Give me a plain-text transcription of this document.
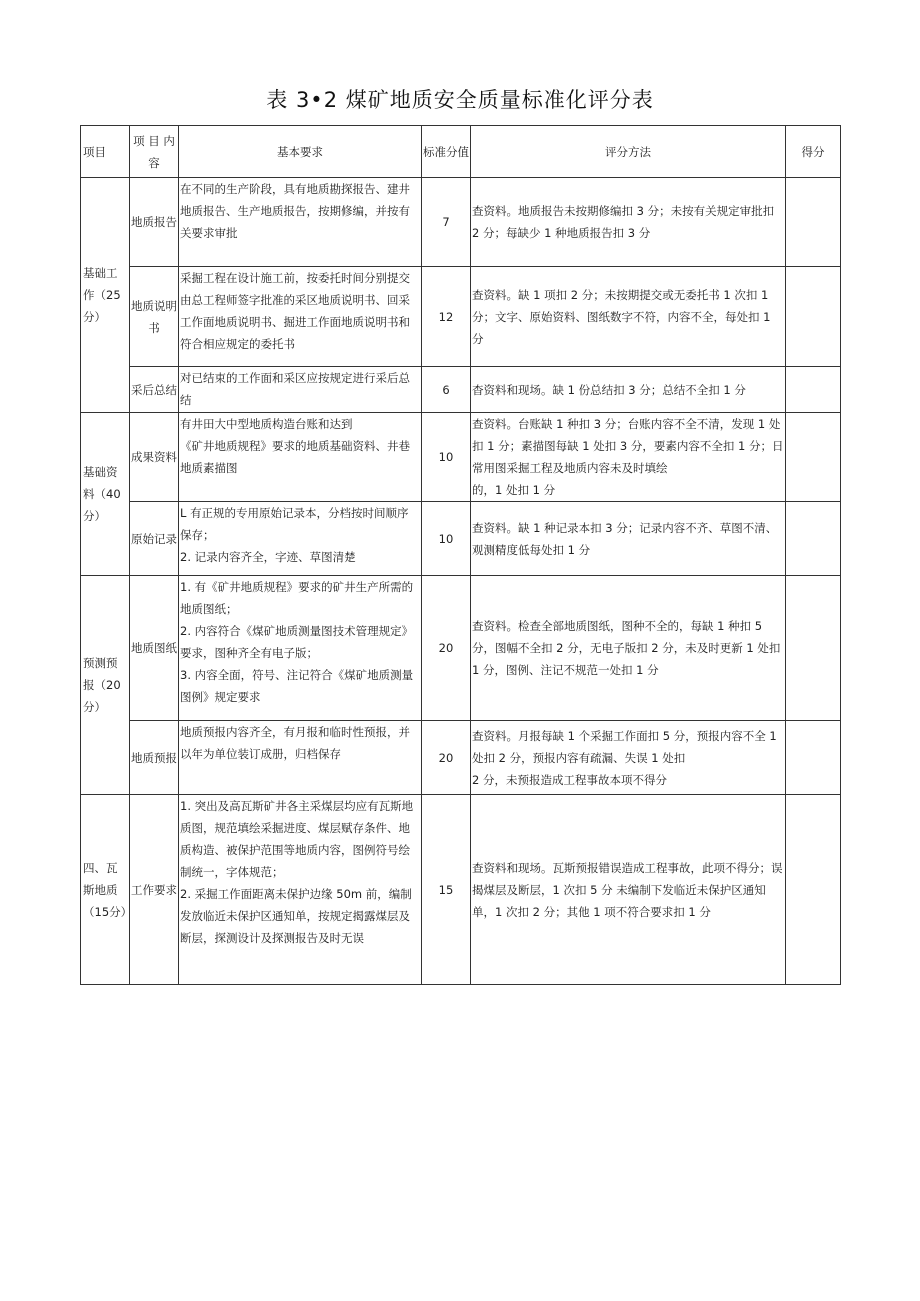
表 3•2 煤矿地质安全质量标准化评分表
项目	项 目 内容	基本要求	标准分值	评分方法	得分
基础工作（25分）	地质报告	在不同的生产阶段，具有地质勘探报告、建井地质报告、生产地质报告，按期修编，并按有关要求审批	7	查资料。地质报告未按期修编扣 3 分；未按有关规定审批扣 2 分；每缺少 1 种地质报告扣 3 分	

	地质说明书	采掘工程在设计施工前，按委托时间分别提交由总工程师签字批准的采区地质说明书、回采工作面地质说明书、掘进工作面地质说明书和符合相应规定的委托书	12	查资料。缺 1 项扣 2 分；未按期提交或无委托书 1 次扣 1 分；文字、原始资料、图纸数字不符，内容不全，每处扣 1 分	

	采后总结	对已结束的工作面和采区应按规定进行采后总结	6	杳资料和现场。缺 1 份总结扣 3 分；总结不全扣 1 分	

基础资料（40分）	成果资料	有井田大中型地质构造台账和达到
《矿井地质规程》要求的地质基础资料、井巷地质素描图	10	查资料。台账缺 1 种扣 3 分；台账内容不全不清，发现 1 处扣 1 分；素描图每缺 1 处扣 3 分，要素内容不全扣 1 分；日常用图采掘工程及地质内容未及时填绘
的，1 处扣 1 分	

	原始记录	L 有正规的专用原始记录本，分档按时间顺序保存；
2. 记录内容齐全，字迹、草图清楚	10	查资料。缺 1 种记录本扣 3 分；记录内容不齐、草图不清、观测精度低每处扣 1 分	

预测预报（20分）	地质图纸	1. 有《矿井地质规程》要求的矿井生产所需的地质图纸；
2. 内容符合《煤矿地质测量图技术管理规定》要求，图种齐全有电子版；
3. 内容全面，符号、注记符合《煤矿地质测量图例》规定要求	20	查资料。检查全部地质图纸，图种不全的，每缺 1 种扣 5 分，图幅不全扣 2 分，无电子版扣 2 分，未及时更新 1 处扣 1 分，图例、注记不规范一处扣 1 分	

	地质预报	地质预报内容齐全，有月报和临时性预报，并以年为单位装订成册，归档保存	20	查资料。月报每缺 1 个采掘工作面扣 5 分，预报内容不全 1 处扣 2 分，预报内容有疏漏、失误 1 处扣
2 分，未预报造成工程事故本项不得分	

四、瓦斯地质（15分）	工作要求	1. 突出及高瓦斯矿井各主采煤层均应有瓦斯地质图，规范填绘采掘进度、煤层赋存条件、地质构造、被保护范围等地质内容，图例符号绘制统一，字体规范；
2. 采掘工作面距离未保护边缘 50m 前，编制发放临近未保护区通知单，按规定揭露煤层及断层，探测设计及探测报告及时无误	15	查资料和现场。瓦斯预报错误造成工程事故，此项不得分；误揭煤层及断层，1 次扣 5 分 未编制下发临近未保护区通知单，1 次扣 2 分；其他 1 项不符合要求扣 1 分	
